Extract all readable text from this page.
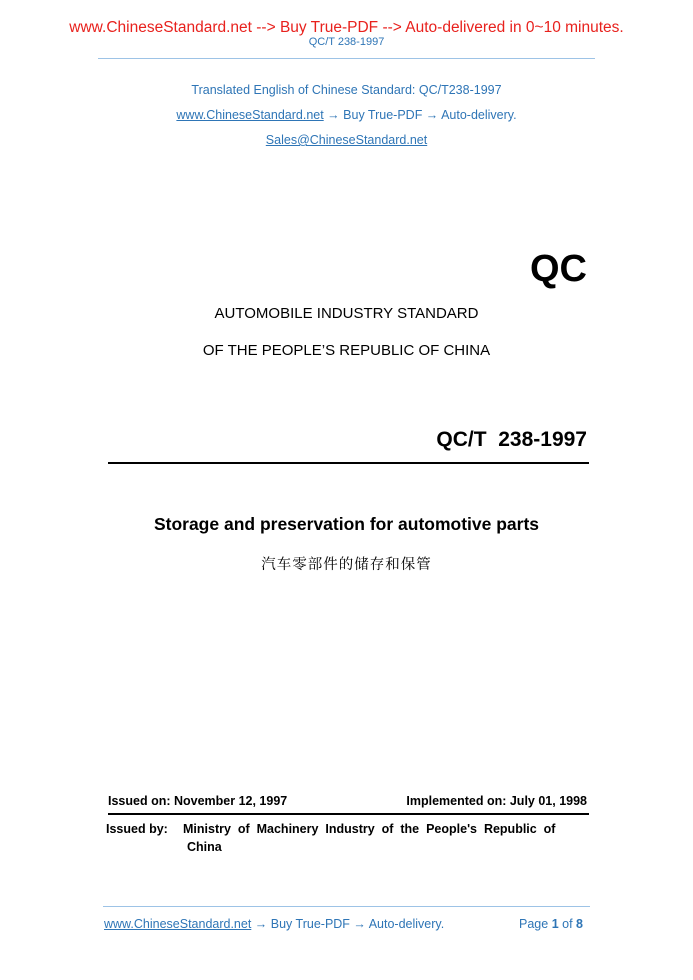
www.ChineseStandard.net --> Buy True-PDF --> Auto-delivered in 0~10 minutes.
QC/T 238-1997
Translated English of Chinese Standard: QC/T238-1997
www.ChineseStandard.net → Buy True-PDF → Auto-delivery.
Sales@ChineseStandard.net
QC
AUTOMOBILE INDUSTRY STANDARD
OF THE PEOPLE’S REPUBLIC OF CHINA
QC/T  238-1997
Storage and preservation for automotive parts
汽车零部件的储存和保管
Issued on: November 12, 1997	Implemented on: July 01, 1998
Issued by: Ministry  of  Machinery  Industry  of  the  People's  Republic  of
China
www.ChineseStandard.net → Buy True-PDF → Auto-delivery.	Page 1 of 8
